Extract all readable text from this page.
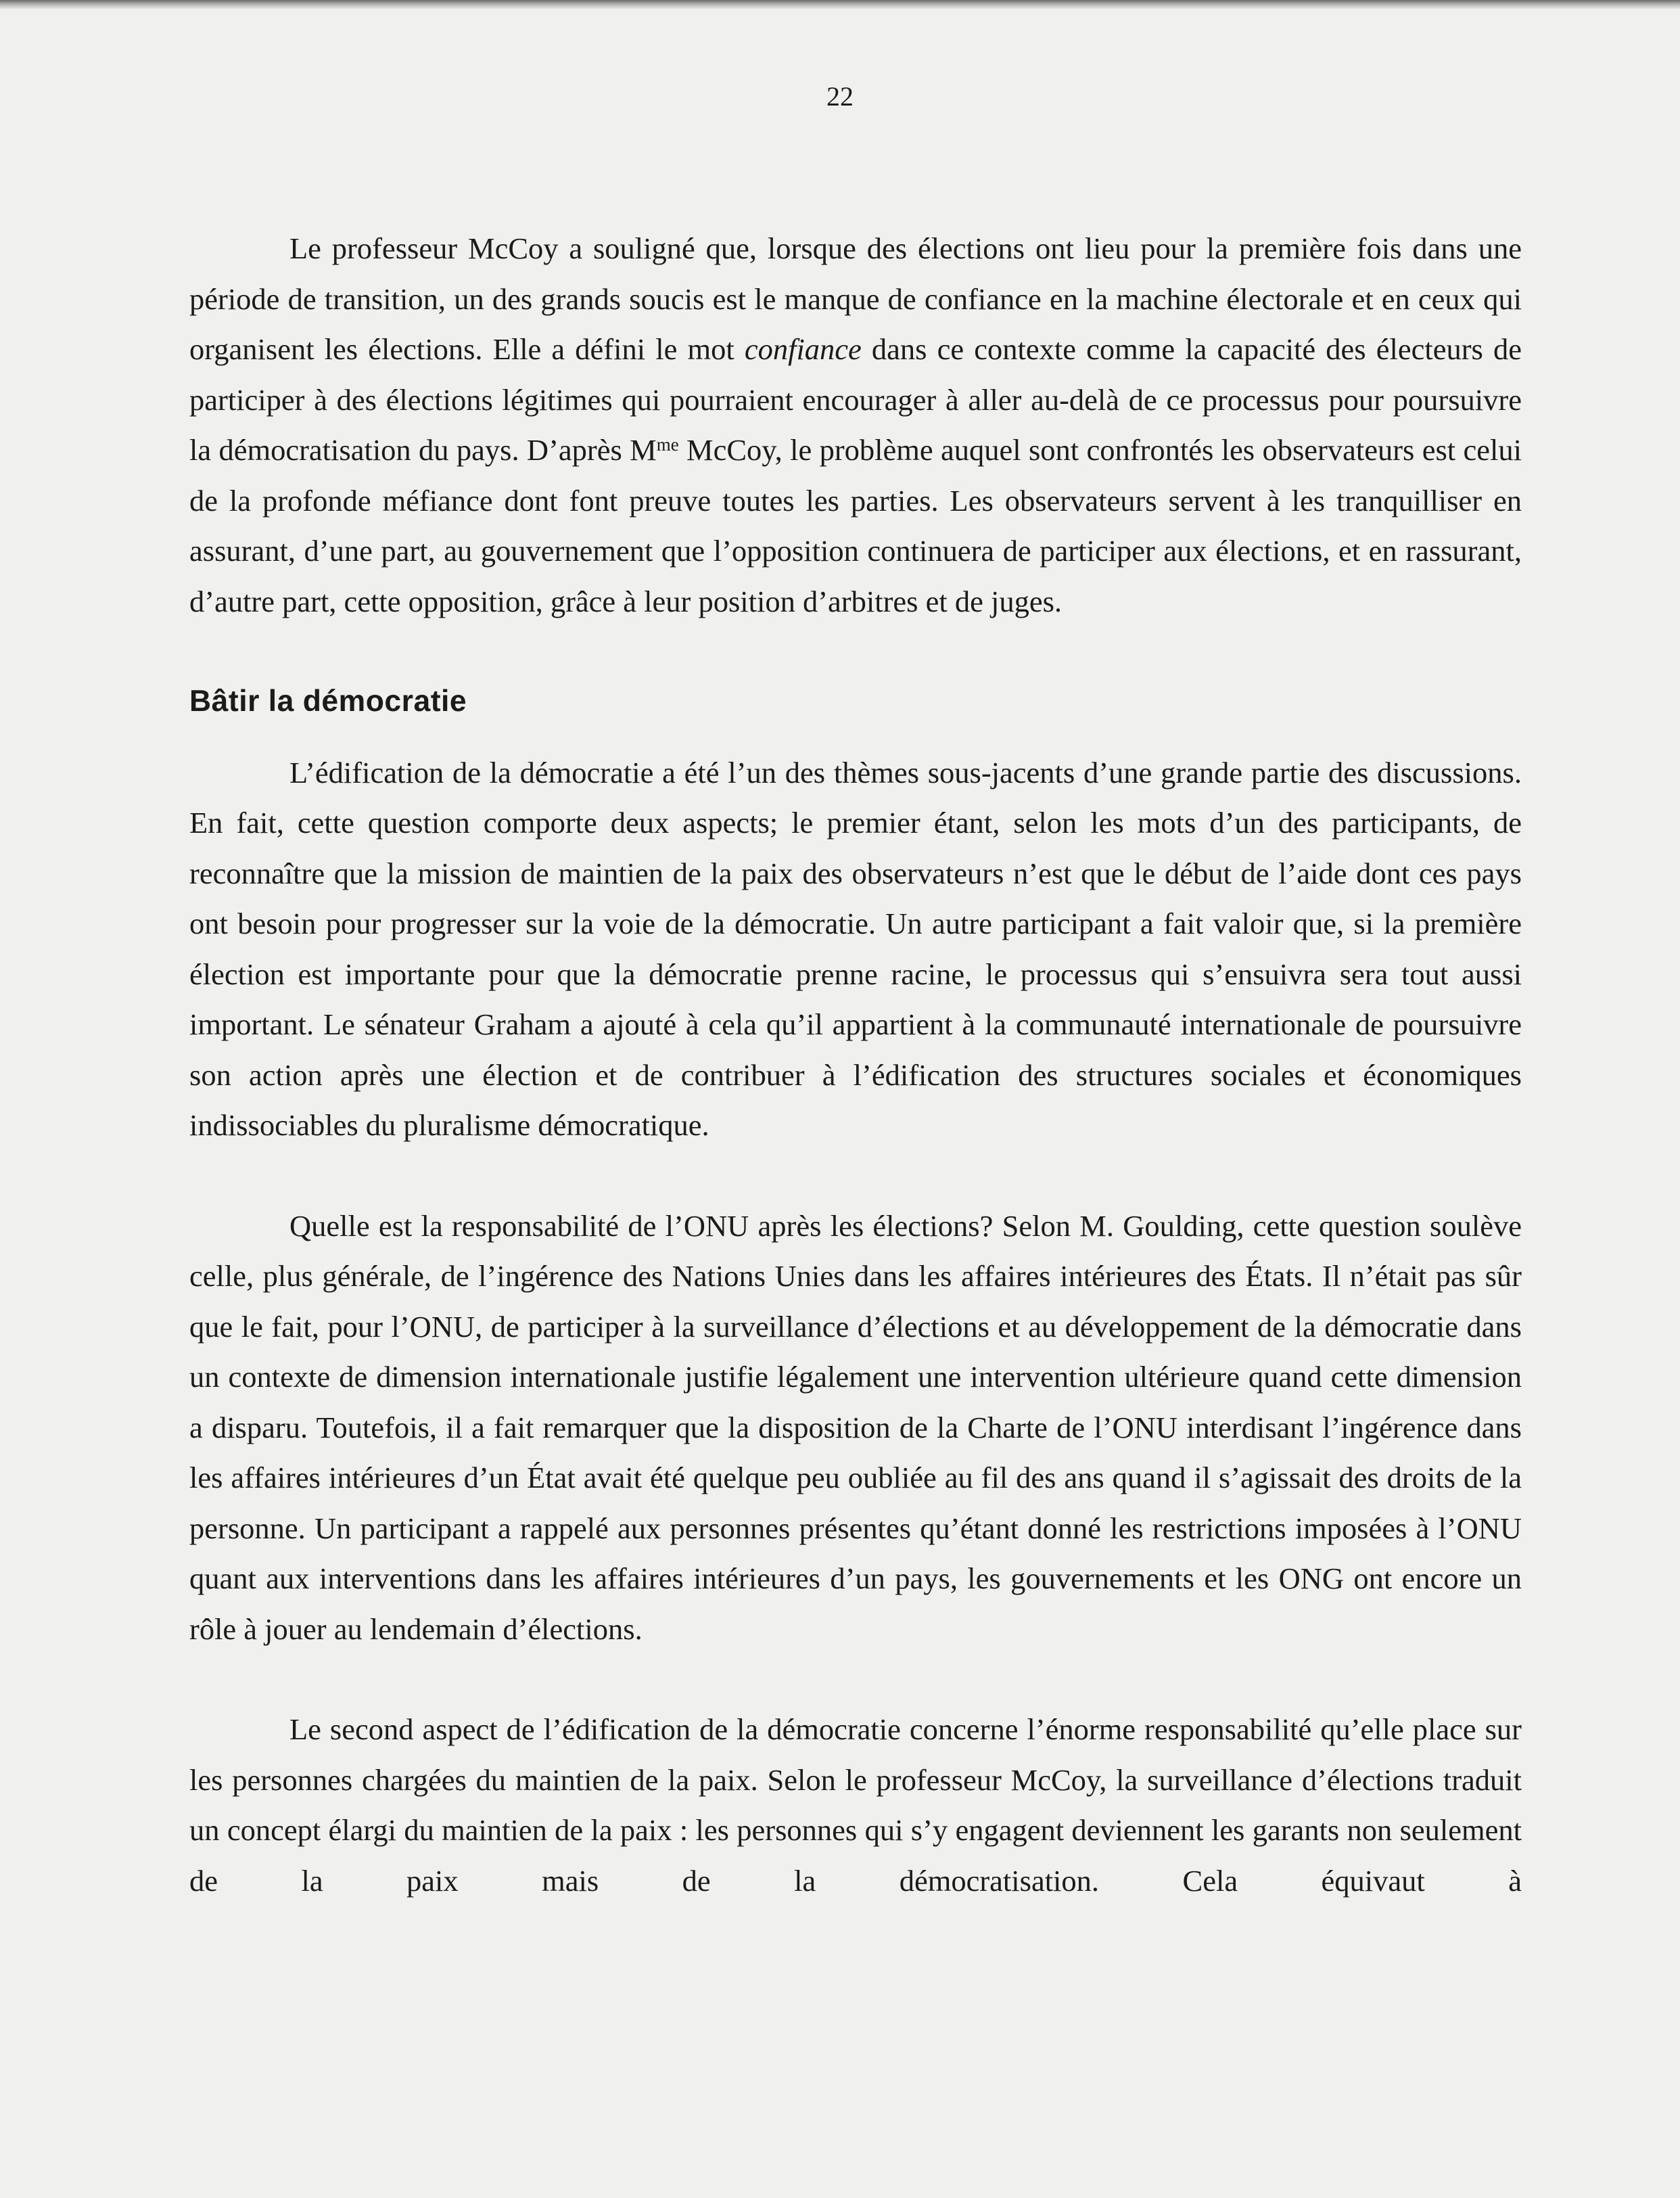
22

Le professeur McCoy a souligné que, lorsque des élections ont lieu pour la première fois dans une période de transition, un des grands soucis est le manque de confiance en la machine électorale et en ceux qui organisent les élections. Elle a défini le mot confiance dans ce contexte comme la capacité des électeurs de participer à des élections légitimes qui pourraient encourager à aller au-delà de ce processus pour poursuivre la démocratisation du pays. D’après $M^{me}$ McCoy, le problème auquel sont confrontés les observateurs est celui de la profonde méfiance dont font preuve toutes les parties. Les observateurs servent à les tranquilliser en assurant, d’une part, au gouvernement que l’opposition continuera de participer aux élections, et en rassurant, d’autre part, cette opposition, grâce à leur position d’arbitres et de juges.

Bâtir la démocratie

L’édification de la démocratie a été l’un des thèmes sous-jacents d’une grande partie des discussions. En fait, cette question comporte deux aspects; le premier étant, selon les mots d’un des participants, de reconnaître que la mission de maintien de la paix des observateurs n’est que le début de l’aide dont ces pays ont besoin pour progresser sur la voie de la démocratie. Un autre participant a fait valoir que, si la première élection est importante pour que la démocratie prenne racine, le processus qui s’ensuivra sera tout aussi important. Le sénateur Graham a ajouté à cela qu’il appartient à la communauté internationale de poursuivre son action après une élection et de contribuer à l’édification des structures sociales et économiques indissociables du pluralisme démocratique.

Quelle est la responsabilité de l’ONU après les élections? Selon M. Goulding, cette question soulève celle, plus générale, de l’ingérence des Nations Unies dans les affaires intérieures des États. Il n’était pas sûr que le fait, pour l’ONU, de participer à la surveillance d’élections et au développement de la démocratie dans un contexte de dimension internationale justifie légalement une intervention ultérieure quand cette dimension a disparu. Toutefois, il a fait remarquer que la disposition de la Charte de l’ONU interdisant l’ingérence dans les affaires intérieures d’un État avait été quelque peu oubliée au fil des ans quand il s’agissait des droits de la personne. Un participant a rappelé aux personnes présentes qu’étant donné les restrictions imposées à l’ONU quant aux interventions dans les affaires intérieures d’un pays, les gouvernements et les ONG ont encore un rôle à jouer au lendemain d’élections.

Le second aspect de l’édification de la démocratie concerne l’énorme responsabilité qu’elle place sur les personnes chargées du maintien de la paix. Selon le professeur McCoy, la surveillance d’élections traduit un concept élargi du maintien de la paix : les personnes qui s’y engagent deviennent les garants non seulement de la paix mais de la démocratisation. Cela équivaut à
